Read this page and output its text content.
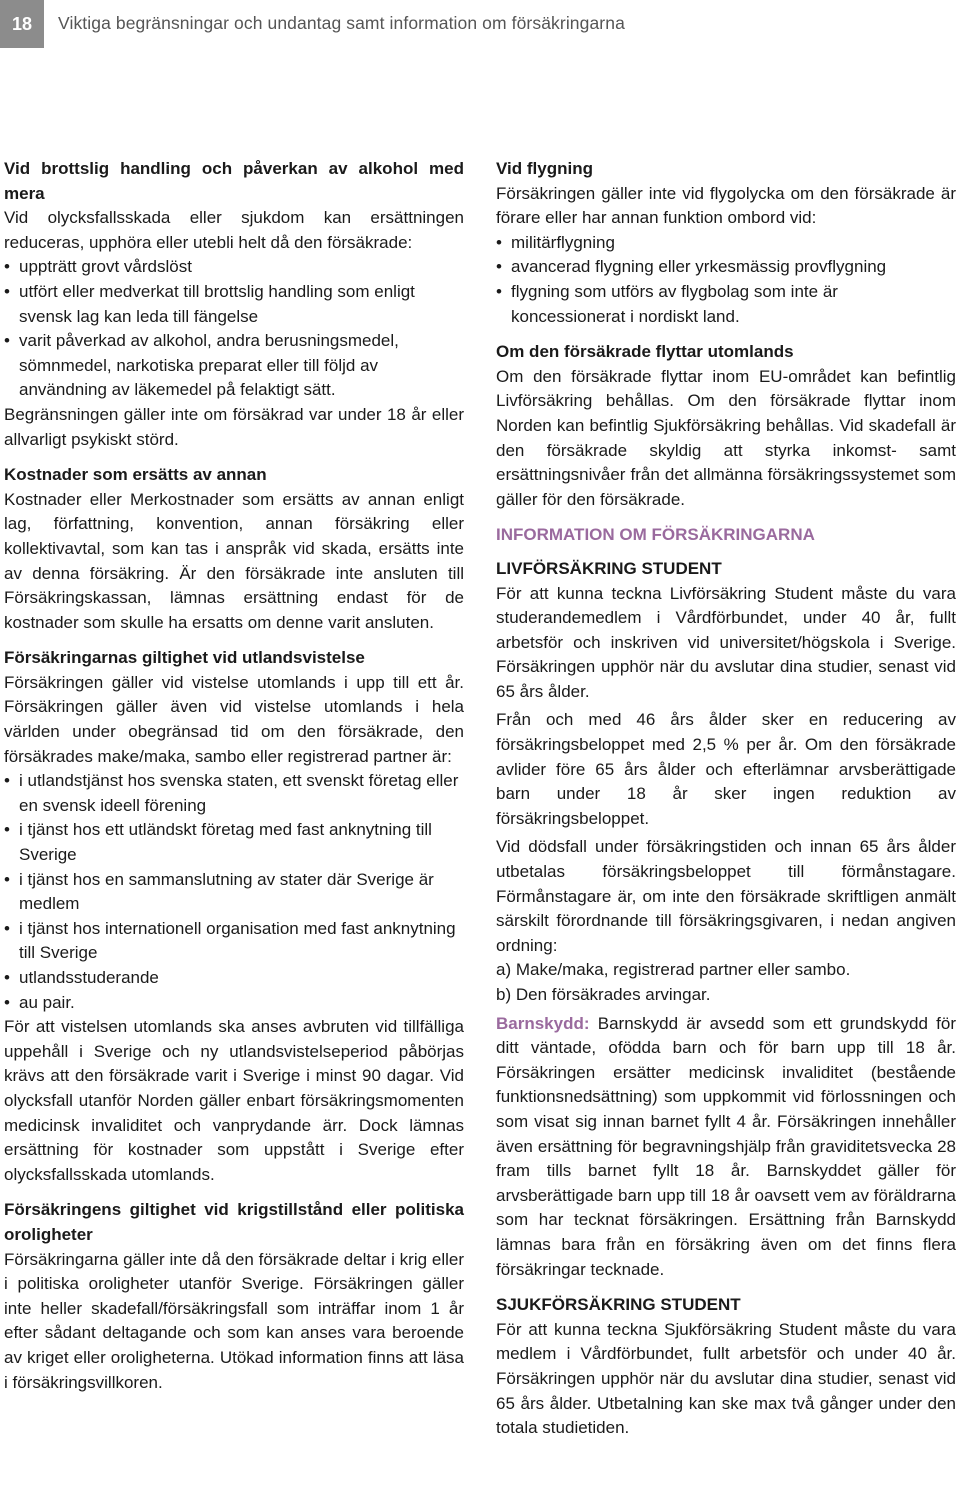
18	Viktiga begränsningar och undantag samt information om försäkringarna

Vid brottslig handling och påverkan av alkohol med mera

Vid olycksfallsskada eller sjukdom kan ersättningen reduceras, upphöra eller utebli helt då den försäkrade:

• uppträtt grovt vårdslöst
• utfört eller medverkat till brottslig handling som enligt svensk lag kan leda till fängelse
• varit påverkad av alkohol, andra berusningsmedel, sömnmedel, narkotiska preparat eller till följd av användning av läkemedel på felaktigt sätt.

Begränsningen gäller inte om försäkrad var under 18 år eller allvarligt psykiskt störd.

Kostnader som ersätts av annan

Kostnader eller Merkostnader som ersätts av annan enligt lag, författning, konvention, annan försäkring eller kollektivavtal, som kan tas i anspråk vid skada, ersätts inte av denna försäkring. Är den försäkrade inte ansluten till Försäkringskassan, lämnas ersättning endast för de kostnader som skulle ha ersatts om denne varit ansluten.

Försäkringarnas giltighet vid utlandsvistelse

Försäkringen gäller vid vistelse utomlands i upp till ett år. Försäkringen gäller även vid vistelse utomlands i hela världen under obegränsad tid om den försäkrade, den försäkrades make/maka, sambo eller registrerad partner är:

• i utlandstjänst hos svenska staten, ett svenskt företag eller en svensk ideell förening
• i tjänst hos ett utländskt företag med fast anknytning till Sverige
• i tjänst hos en sammanslutning av stater där Sverige är medlem
• i tjänst hos internationell organisation med fast anknytning till Sverige
• utlandsstuderande
• au pair.

För att vistelsen utomlands ska anses avbruten vid tillfälliga uppehåll i Sverige och ny utlandsvistelseperiod påbörjas krävs att den försäkrade varit i Sverige i minst 90 dagar. Vid olycksfall utanför Norden gäller enbart försäkringsmomenten medicinsk invaliditet och vanprydande ärr. Dock lämnas ersättning för kostnader som uppstått i Sverige efter olycksfallsskada utomlands.

Försäkringens giltighet vid krigstillstånd eller politiska oroligheter

Försäkringarna gäller inte då den försäkrade deltar i krig eller i politiska oroligheter utanför Sverige. Försäkringen gäller inte heller skadefall/försäkringsfall som inträffar inom 1 år efter sådant deltagande och som kan anses vara beroende av kriget eller oroligheterna. Utökad information finns att läsa i försäkringsvillkoren.

Vid flygning

Försäkringen gäller inte vid flygolycka om den försäkrade är förare eller har annan funktion ombord vid:

• militärflygning
• avancerad flygning eller yrkesmässig provflygning
• flygning som utförs av flygbolag som inte är koncessionerat i nordiskt land.

Om den försäkrade flyttar utomlands

Om den försäkrade flyttar inom EU-området kan befintlig Livförsäkring behållas. Om den försäkrade flyttar inom Norden kan befintlig Sjukförsäkring behållas. Vid skadefall är den försäkrade skyldig att styrka inkomst- samt ersättningsnivåer från det allmänna försäkringssystemet som gäller för den försäkrade.

INFORMATION OM FÖRSÄKRINGARNA

LIVFÖRSÄKRING STUDENT

För att kunna teckna Livförsäkring Student måste du vara studerandemedlem i Vårdförbundet, under 40 år, fullt arbetsför och inskriven vid universitet/högskola i Sverige. Försäkringen upphör när du avslutar dina studier, senast vid 65 års ålder.

Från och med 46 års ålder sker en reducering av försäkringsbeloppet med 2,5 % per år. Om den försäkrade avlider före 65 års ålder och efterlämnar arvsberättigade barn under 18 år sker ingen reduktion av försäkringsbeloppet.

Vid dödsfall under försäkringstiden och innan 65 års ålder utbetalas försäkringsbeloppet till förmånstagare. Förmånstagare är, om inte den försäkrade skriftligen anmält särskilt förordnande till försäkringsgivaren, i nedan angiven ordning:

a) Make/maka, registrerad partner eller sambo.

b) Den försäkrades arvingar.

Barnskydd: Barnskydd är avsedd som ett grundskydd för ditt väntade, ofödda barn och för barn upp till 18 år. Försäkringen ersätter medicinsk invaliditet (bestående funktionsnedsättning) som uppkommit vid förlossningen och som visat sig innan barnet fyllt 4 år. Försäkringen innehåller även ersättning för begravningshjälp från graviditetsvecka 28 fram tills barnet fyllt 18 år. Barnskyddet gäller för arvsberättigade barn upp till 18 år oavsett vem av föräldrarna som har tecknat försäkringen. Ersättning från Barnskydd lämnas bara från en försäkring även om det finns flera försäkringar tecknade.

SJUKFÖRSÄKRING STUDENT

För att kunna teckna Sjukförsäkring Student måste du vara medlem i Vårdförbundet, fullt arbetsför och under 40 år. Försäkringen upphör när du avslutar dina studier, senast vid 65 års ålder. Utbetalning kan ske max två gånger under den totala studietiden.
